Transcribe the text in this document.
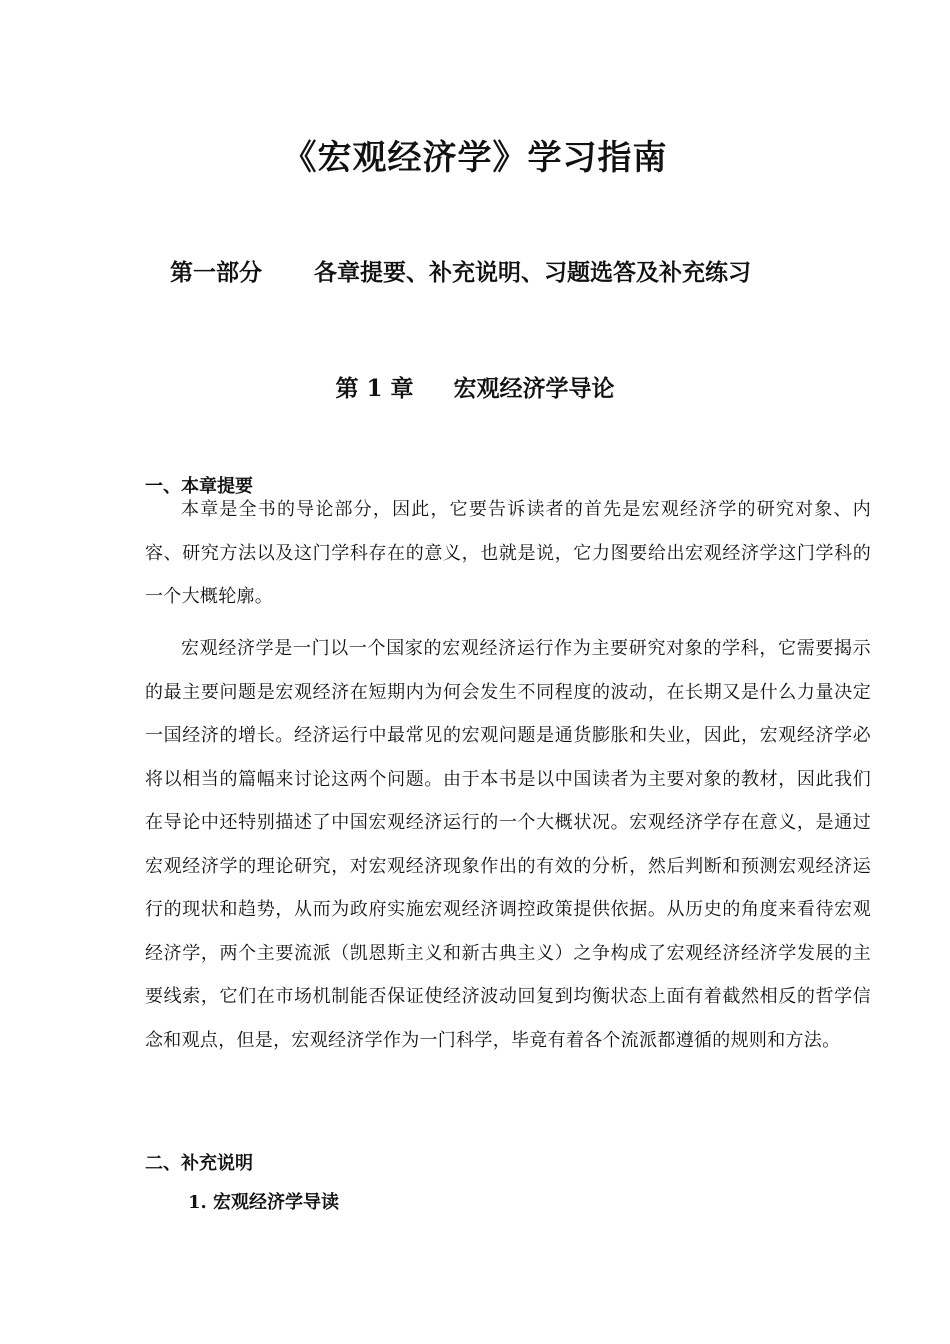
《宏观经济学》学习指南
第一部分 各章提要、补充说明、习题选答及补充练习
第 1 章 宏观经济学导论
一、本章提要

本章是全书的导论部分，因此，它要告诉读者的首先是宏观经济学的研究对象、内容、研究方法以及这门学科存在的意义，也就是说，它力图要给出宏观经济学这门学科的一个大概轮廓。

宏观经济学是一门以一个国家的宏观经济运行作为主要研究对象的学科，它需要揭示的最主要问题是宏观经济在短期内为何会发生不同程度的波动，在长期又是什么力量决定一国经济的增长。经济运行中最常见的宏观问题是通货膨胀和失业，因此，宏观经济学必将以相当的篇幅来讨论这两个问题。由于本书是以中国读者为主要对象的教材，因此我们在导论中还特别描述了中国宏观经济运行的一个大概状况。宏观经济学存在意义，是通过宏观经济学的理论研究，对宏观经济现象作出的有效的分析，然后判断和预测宏观经济运行的现状和趋势，从而为政府实施宏观经济调控政策提供依据。从历史的角度来看待宏观经济学，两个主要流派（凯恩斯主义和新古典主义）之争构成了宏观经济经济学发展的主要线索，它们在市场机制能否保证使经济波动回复到均衡状态上面有着截然相反的哲学信念和观点，但是，宏观经济学作为一门科学，毕竟有着各个流派都遵循的规则和方法。

二、补充说明
1. 宏观经济学导读
